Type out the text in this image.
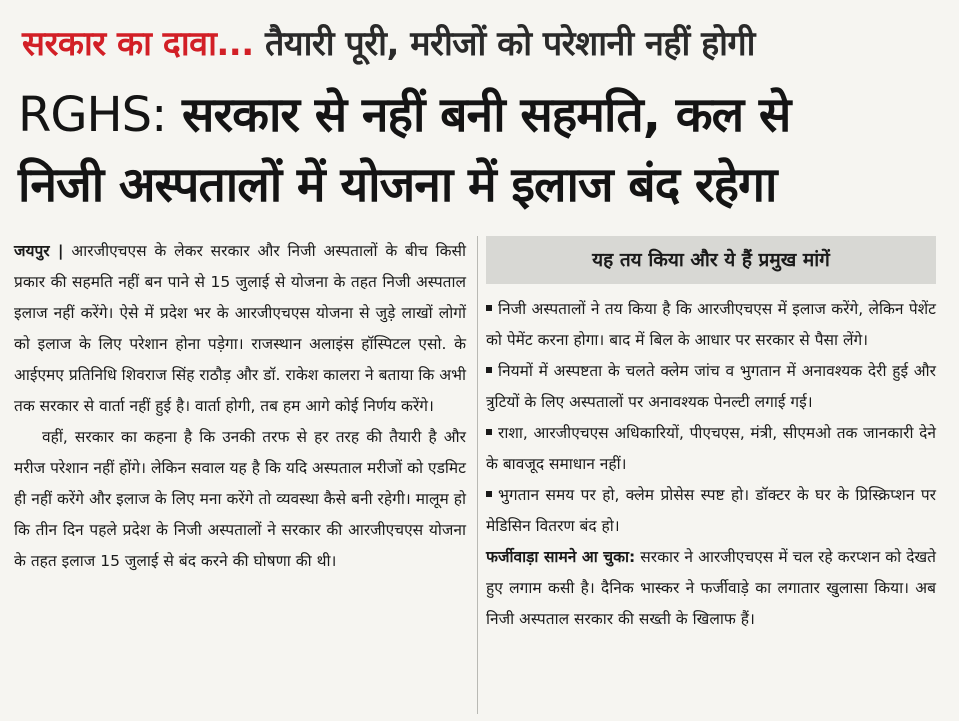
सरकार का दावा... तैयारी पूरी, मरीजों को परेशानी नहीं होगी
RGHS: सरकार से नहीं बनी सहमति, कल से
निजी अस्पतालों में योजना में इलाज बंद रहेगा

जयपुर | आरजीएचएस के लेकर सरकार और निजी अस्पतालों के बीच किसी प्रकार की सहमति नहीं बन पाने से 15 जुलाई से योजना के तहत निजी अस्पताल इलाज नहीं करेंगे। ऐसे में प्रदेश भर के आरजीएचएस योजना से जुड़े लाखों लोगों को इलाज के लिए परेशान होना पड़ेगा। राजस्थान अलाइंस हॉस्पिटल एसो. के आईएमए प्रतिनिधि शिवराज सिंह राठौड़ और डॉ. राकेश कालरा ने बताया कि अभी तक सरकार से वार्ता नहीं हुई है। वार्ता होगी, तब हम आगे कोई निर्णय करेंगे।

वहीं, सरकार का कहना है कि उनकी तरफ से हर तरह की तैयारी है और मरीज परेशान नहीं होंगे। लेकिन सवाल यह है कि यदि अस्पताल मरीजों को एडमिट ही नहीं करेंगे और इलाज के लिए मना करेंगे तो व्यवस्था कैसे बनी रहेगी। मालूम हो कि तीन दिन पहले प्रदेश के निजी अस्पतालों ने सरकार की आरजीएचएस योजना के तहत इलाज 15 जुलाई से बंद करने की घोषणा की थी।

यह तय किया और ये हैं प्रमुख मांगें

निजी अस्पतालों ने तय किया है कि आरजीएचएस में इलाज करेंगे, लेकिन पेशेंट को पेमेंट करना होगा। बाद में बिल के आधार पर सरकार से पैसा लेंगे।

नियमों में अस्पष्टता के चलते क्लेम जांच व भुगतान में अनावश्यक देरी हुई और त्रुटियों के लिए अस्पतालों पर अनावश्यक पेनल्टी लगाई गई।

राशा, आरजीएचएस अधिकारियों, पीएचएस, मंत्री, सीएमओ तक जानकारी देने के बावजूद समाधान नहीं।

भुगतान समय पर हो, क्लेम प्रोसेस स्पष्ट हो। डॉक्टर के घर के प्रिस्क्रिप्शन पर मेडिसिन वितरण बंद हो।

फर्जीवाड़ा सामने आ चुका: सरकार ने आरजीएचएस में चल रहे करप्शन को देखते हुए लगाम कसी है। दैनिक भास्कर ने फर्जीवाड़े का लगातार खुलासा किया। अब निजी अस्पताल सरकार की सख्ती के खिलाफ हैं।
